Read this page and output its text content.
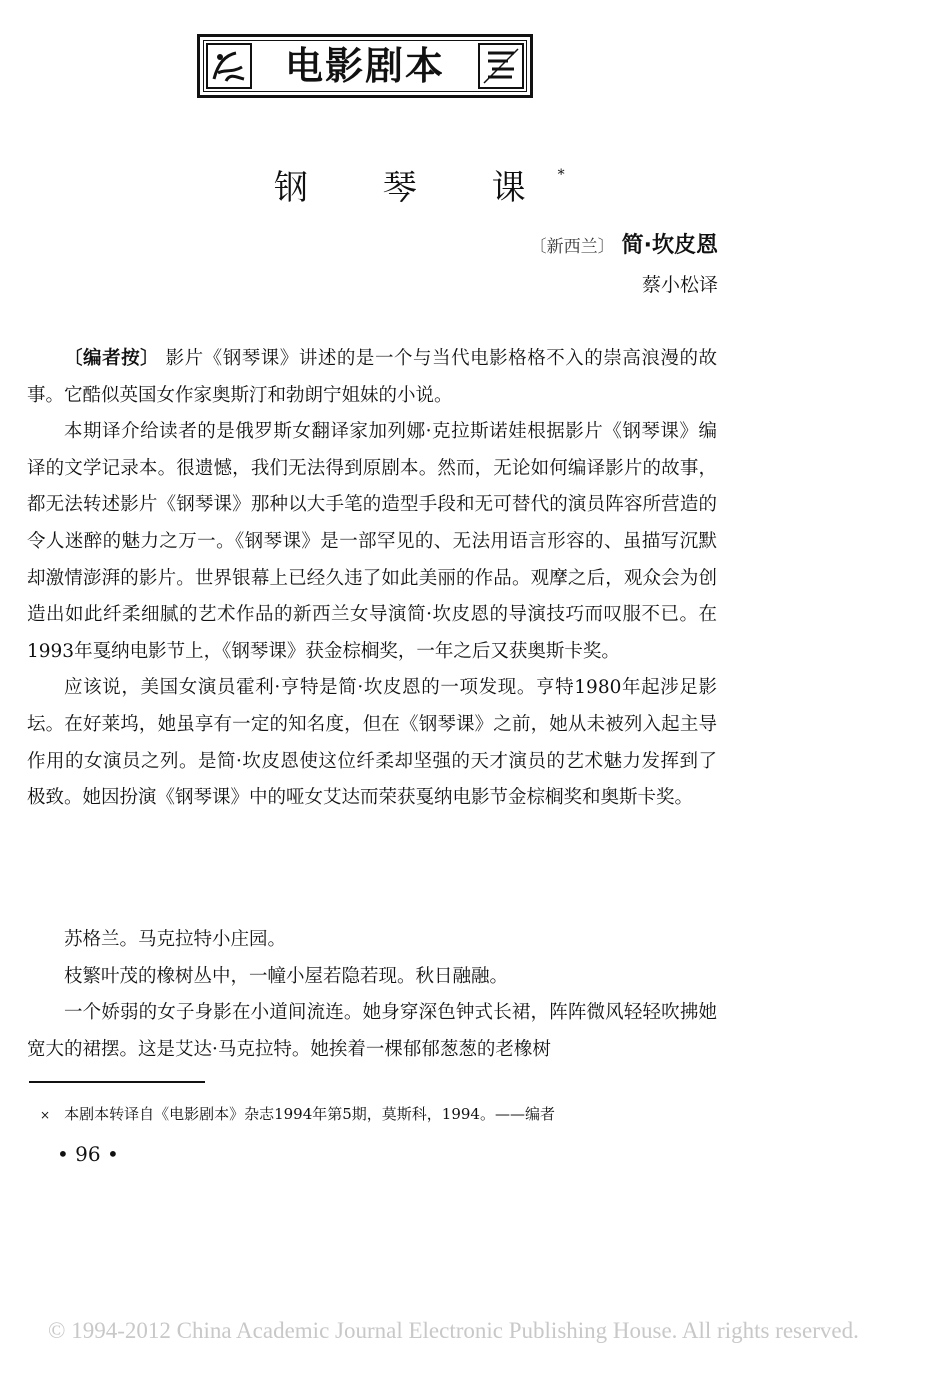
电影剧本
钢 琴 课*
〔新西兰〕 简·坎皮恩
蔡小松译

〔编者按〕 影片《钢琴课》讲述的是一个与当代电影格格不入的崇高浪漫的故事。它酷似英国女作家奥斯汀和勃朗宁姐妹的小说。

本期译介给读者的是俄罗斯女翻译家加列娜·克拉斯诺娃根据影片《钢琴课》编译的文学记录本。很遗憾，我们无法得到原剧本。然而，无论如何编译影片的故事，都无法转述影片《钢琴课》那种以大手笔的造型手段和无可替代的演员阵容所营造的令人迷醉的魅力之万一。《钢琴课》是一部罕见的、无法用语言形容的、虽描写沉默却激情澎湃的影片。世界银幕上已经久违了如此美丽的作品。观摩之后，观众会为创造出如此纤柔细腻的艺术作品的新西兰女导演简·坎皮恩的导演技巧而叹服不已。在1993年戛纳电影节上，《钢琴课》获金棕榈奖，一年之后又获奥斯卡奖。

应该说，美国女演员霍利·亨特是简·坎皮恩的一项发现。亨特1980年起涉足影坛。在好莱坞，她虽享有一定的知名度，但在《钢琴课》之前，她从未被列入起主导作用的女演员之列。是简·坎皮恩使这位纤柔却坚强的天才演员的艺术魅力发挥到了极致。她因扮演《钢琴课》中的哑女艾达而荣获戛纳电影节金棕榈奖和奥斯卡奖。

苏格兰。马克拉特小庄园。

枝繁叶茂的橡树丛中，一幢小屋若隐若现。秋日融融。

一个娇弱的女子身影在小道间流连。她身穿深色钟式长裙，阵阵微风轻轻吹拂她宽大的裙摆。这是艾达·马克拉特。她挨着一棵郁郁葱葱的老橡树

× 本剧本转译自《电影剧本》杂志1994年第5期，莫斯科，1994。——编者
• 96 •
© 1994-2012 China Academic Journal Electronic Publishing House. All rights reserved.
